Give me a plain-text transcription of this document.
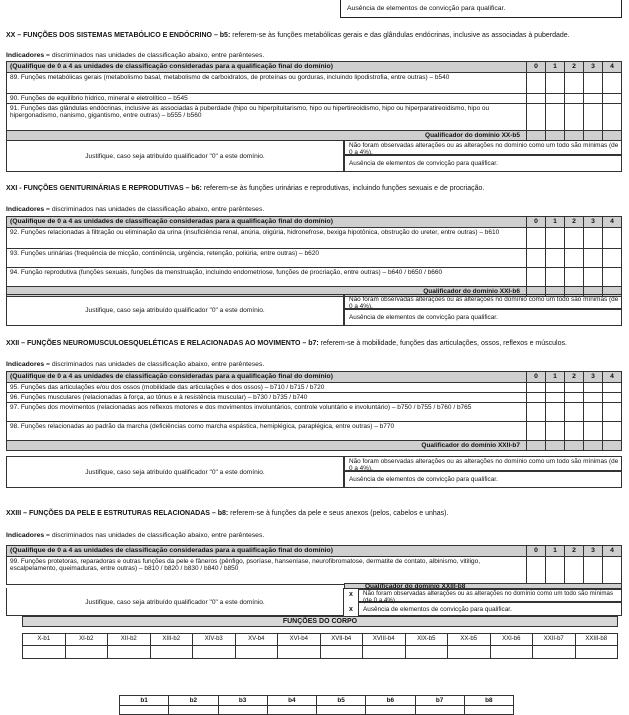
Ausência de elementos de convicção para qualificar.
XX – FUNÇÕES DOS SISTEMAS METABÓLICO E ENDÓCRINO – b5: referem-se às funções metabólicas gerais e das glândulas endócrinas, inclusive as associadas à puberdade.
Indicadores = discriminados nas unidades de classificação abaixo, entre parênteses.
(Qualifique de 0 a 4 as unidades de classificação consideradas para a qualificação final do domínio)	0	1	2	3	4
89. Funções metabólicas gerais (metabolismo basal, metabolismo de carboidratos, de proteínas ou gorduras, incluindo lipodistrofia, entre outras) – b540					
90. Funções de equilíbrio hídrico, mineral e eletrolítico – b545					
91. Funções das glândulas endócrinas, inclusive as associadas à puberdade (hipo ou hiperpituitarismo, hipo ou hipertireoidismo, hipo ou hiperparatireoidismo, hipo ou hipergonadismo, nanismo, gigantismo, entre outras) – b555 / b560					
Qualificador do domínio XX-b5					
Justifique, caso seja atribuído qualificador "0" a este domínio.
Não foram observadas alterações ou as alterações no domínio como um todo são mínimas (de 0 a 4%).
Ausência de elementos de convicção para qualificar.
XXI - FUNÇÕES GENITURINÁRIAS E REPRODUTIVAS – b6: referem-se às funções urinárias e reprodutivas, incluindo funções sexuais e de procriação.
Indicadores = discriminados nas unidades de classificação abaixo, entre parênteses.
(Qualifique de 0 a 4 as unidades de classificação consideradas para a qualificação final do domínio)	0	1	2	3	4
92. Funções relacionadas à filtração ou eliminação da urina (insuficiência renal, anúria, oligúria, hidronefrose, bexiga hipotônica, obstrução do ureter, entre outras) – b610					
93. Funções urinárias (frequência de micção, continência, urgência, retenção, poliúria, entre outras) – b620					
94. Função reprodutiva (funções sexuais, funções da menstruação, incluindo endometriose, funções de procriação, entre outras) – b640 / b650 / b660					
Qualificador do domínio XXI-b6					
Justifique, caso seja atribuído qualificador "0" a este domínio.
Não foram observadas alterações ou as alterações no domínio como um todo são mínimas (de 0 a 4%).
Ausência de elementos de convicção para qualificar.
XXII – FUNÇÕES NEUROMUSCULOESQUELÉTICAS E RELACIONADAS AO MOVIMENTO – b7: referem-se à mobilidade, funções das articulações, ossos, reflexos e músculos.
Indicadores = discriminados nas unidades de classificação abaixo, entre parênteses.
(Qualifique de 0 a 4 as unidades de classificação consideradas para a qualificação final do domínio)	0	1	2	3	4
95. Funções das articulações e/ou dos ossos (mobilidade das articulações e dos ossos) – b710 / b715 / b720					
96. Funções musculares (relacionadas à força, ao tônus e à resistência muscular) – b730 / b735 / b740					
97. Funções dos movimentos (relacionadas aos reflexos motores e dos movimentos involuntários, controle voluntário e involuntário) – b750 / b755 / b760 / b765					
98. Funções relacionadas ao padrão da marcha (deficiências como marcha espástica, hemiplégica, paraplégica, entre outras) – b770					
Qualificador do domínio XXII-b7					
Justifique, caso seja atribuído qualificador "0" a este domínio.
Não foram observadas alterações ou as alterações no domínio como um todo são mínimas (de 0 a 4%).
Ausência de elementos de convicção para qualificar.
XXIII – FUNÇÕES DA PELE E ESTRUTURAS RELACIONADAS – b8: referem-se à funções da pele e seus anexos (pelos, cabelos e unhas).
Indicadores = discriminados nas unidades de classificação abaixo, entre parênteses.
(Qualifique de 0 a 4 as unidades de classificação consideradas para a qualificação final do domínio)	0	1	2	3	4
99. Funções protetoras, reparadoras e outras funções da pele e fâneros (pênfigo, psoríase, hanseníase, neurofibromatose, dermatite de contato, albinismo, vitiligo, escalpelamento, queimaduras, entre outras) – b810 / b820 / b830 / b840 / b850					
Justifique, caso seja atribuído qualificador "0" a este domínio.
Qualificador do domínio XXIII-b8
x	Não foram observadas alterações ou as alterações no domínio como um todo são mínimas (de 0 a 4%).
x	Ausência de elementos de convicção para qualificar.
FUNÇÕES DO CORPO
X-b1	XI-b2	XII-b2	XIII-b2	XIV-b3	XV-b4	XVI-b4	XVII-b4	XVIII-b4	XIX-b5	XX-b5	XXI-b6	XXII-b7	XXIII-b8

b1	b2	b3	b4	b5	b6	b7	b8
